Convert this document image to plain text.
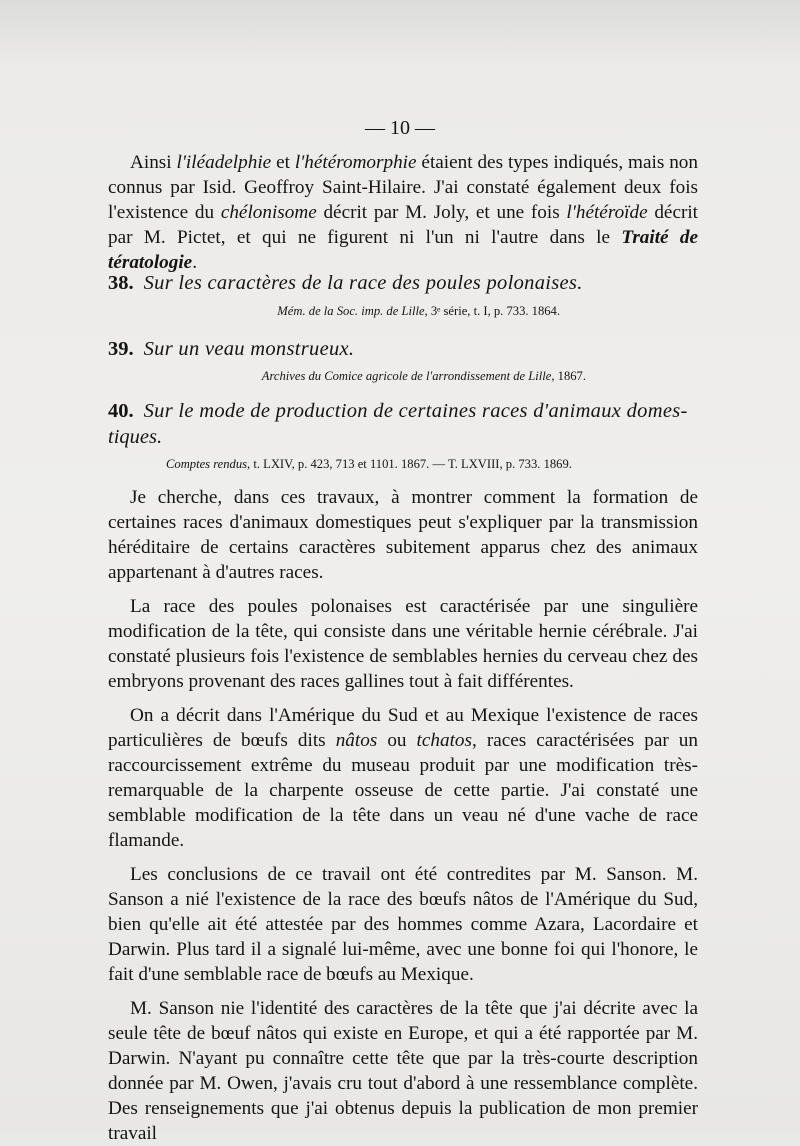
— 10 —

Ainsi l'iléadelphie et l'hétéromorphie étaient des types indiqués, mais non connus par Isid. Geoffroy Saint-Hilaire. J'ai constaté également deux fois l'existence du chélonisome décrit par M. Joly, et une fois l'hétéroïde décrit par M. Pictet, et qui ne figurent ni l'un ni l'autre dans le Traité de tératologie.

38. Sur les caractères de la race des poules polonaises.
Mém. de la Soc. imp. de Lille, 3ᵉ série, t. I, p. 733. 1864.
39. Sur un veau monstrueux.
Archives du Comice agricole de l'arrondissement de Lille, 1867.
40. Sur le mode de production de certaines races d'animaux domes-
tiques.
Comptes rendus, t. LXIV, p. 423, 713 et 1101. 1867. — T. LXVIII, p. 733. 1869.

Je cherche, dans ces travaux, à montrer comment la formation de certaines races d'animaux domestiques peut s'expliquer par la transmission héréditaire de certains caractères subitement apparus chez des animaux appartenant à d'autres races.

La race des poules polonaises est caractérisée par une singulière modification de la tête, qui consiste dans une véritable hernie cérébrale. J'ai constaté plusieurs fois l'existence de semblables hernies du cerveau chez des embryons provenant des races gallines tout à fait différentes.

On a décrit dans l'Amérique du Sud et au Mexique l'existence de races particulières de bœufs dits nâtos ou tchatos, races caractérisées par un raccourcissement extrême du museau produit par une modification très-remarquable de la charpente osseuse de cette partie. J'ai constaté une semblable modification de la tête dans un veau né d'une vache de race flamande.

Les conclusions de ce travail ont été contredites par M. Sanson. M. Sanson a nié l'existence de la race des bœufs nâtos de l'Amérique du Sud, bien qu'elle ait été attestée par des hommes comme Azara, Lacordaire et Darwin. Plus tard il a signalé lui-même, avec une bonne foi qui l'honore, le fait d'une semblable race de bœufs au Mexique.

M. Sanson nie l'identité des caractères de la tête que j'ai décrite avec la seule tête de bœuf nâtos qui existe en Europe, et qui a été rapportée par M. Darwin. N'ayant pu connaître cette tête que par la très-courte description donnée par M. Owen, j'avais cru tout d'abord à une ressemblance complète. Des renseignements que j'ai obtenus depuis la publication de mon premier travail
